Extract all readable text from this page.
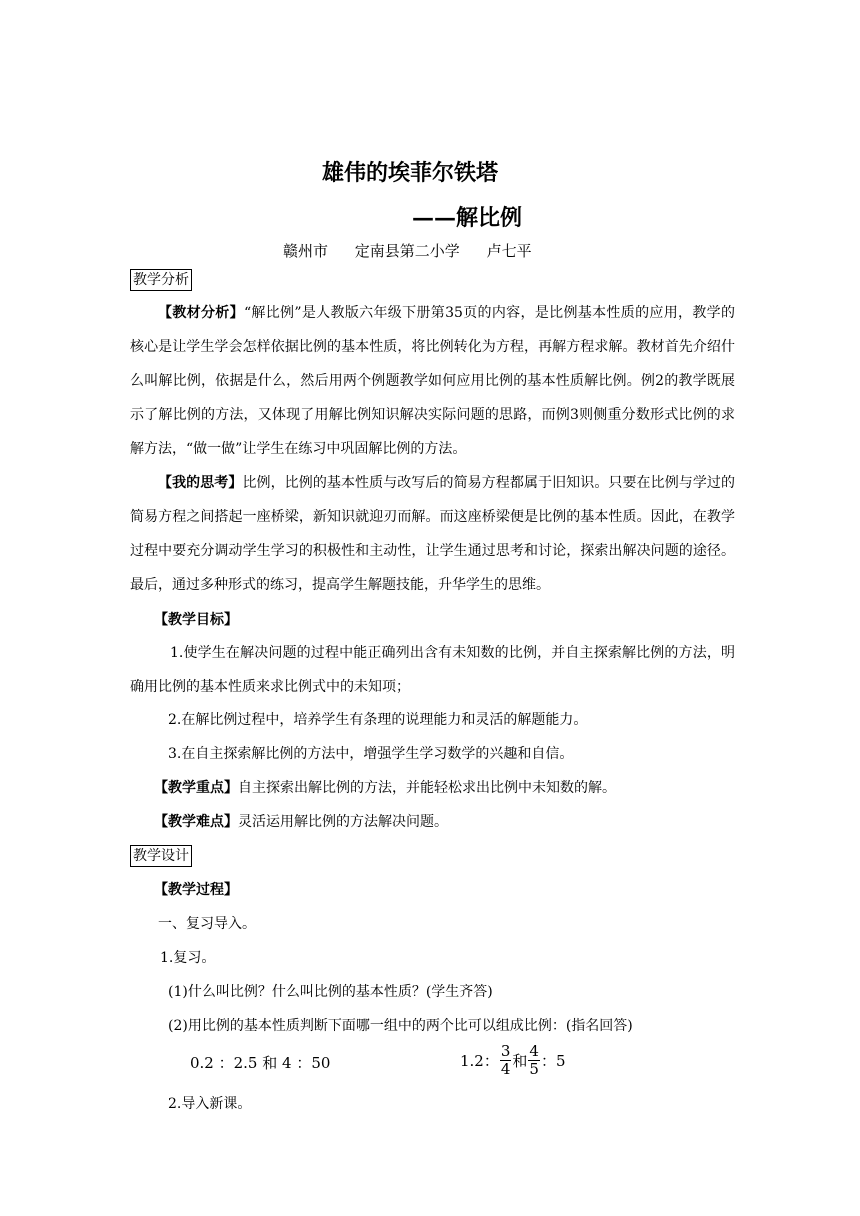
雄伟的埃菲尔铁塔
——解比例
赣州市 定南县第二小学 卢七平
教学分析
【教材分析】“解比例”是人教版六年级下册第35页的内容，是比例基本性质的应用，教学的核心是让学生学会怎样依据比例的基本性质，将比例转化为方程，再解方程求解。教材首先介绍什么叫解比例，依据是什么，然后用两个例题教学如何应用比例的基本性质解比例。例2的教学既展示了解比例的方法，又体现了用解比例知识解决实际问题的思路，而例3则侧重分数形式比例的求解方法，“做一做”让学生在练习中巩固解比例的方法。
【我的思考】比例，比例的基本性质与改写后的简易方程都属于旧知识。只要在比例与学过的简易方程之间搭起一座桥梁，新知识就迎刃而解。而这座桥梁便是比例的基本性质。因此，在教学过程中要充分调动学生学习的积极性和主动性，让学生通过思考和讨论，探索出解决问题的途径。最后，通过多种形式的练习，提高学生解题技能，升华学生的思维。
【教学目标】
1.使学生在解决问题的过程中能正确列出含有未知数的比例，并自主探索解比例的方法，明确用比例的基本性质来求比例式中的未知项；
2.在解比例过程中，培养学生有条理的说理能力和灵活的解题能力。
3.在自主探索解比例的方法中，增强学生学习数学的兴趣和自信。
【教学重点】自主探索出解比例的方法，并能轻松求出比例中未知数的解。
【教学难点】灵活运用解比例的方法解决问题。
教学设计
【教学过程】
一、复习导入。
1.复习。
(1)什么叫比例？什么叫比例的基本性质？(学生齐答)
(2)用比例的基本性质判断下面哪一组中的两个比可以组成比例：(指名回答)
0.2 ：2.5 和 4 ：50	1.2： $\frac{3}{4}$ 和 $\frac{4}{5}$ ：5
2.导入新课。
